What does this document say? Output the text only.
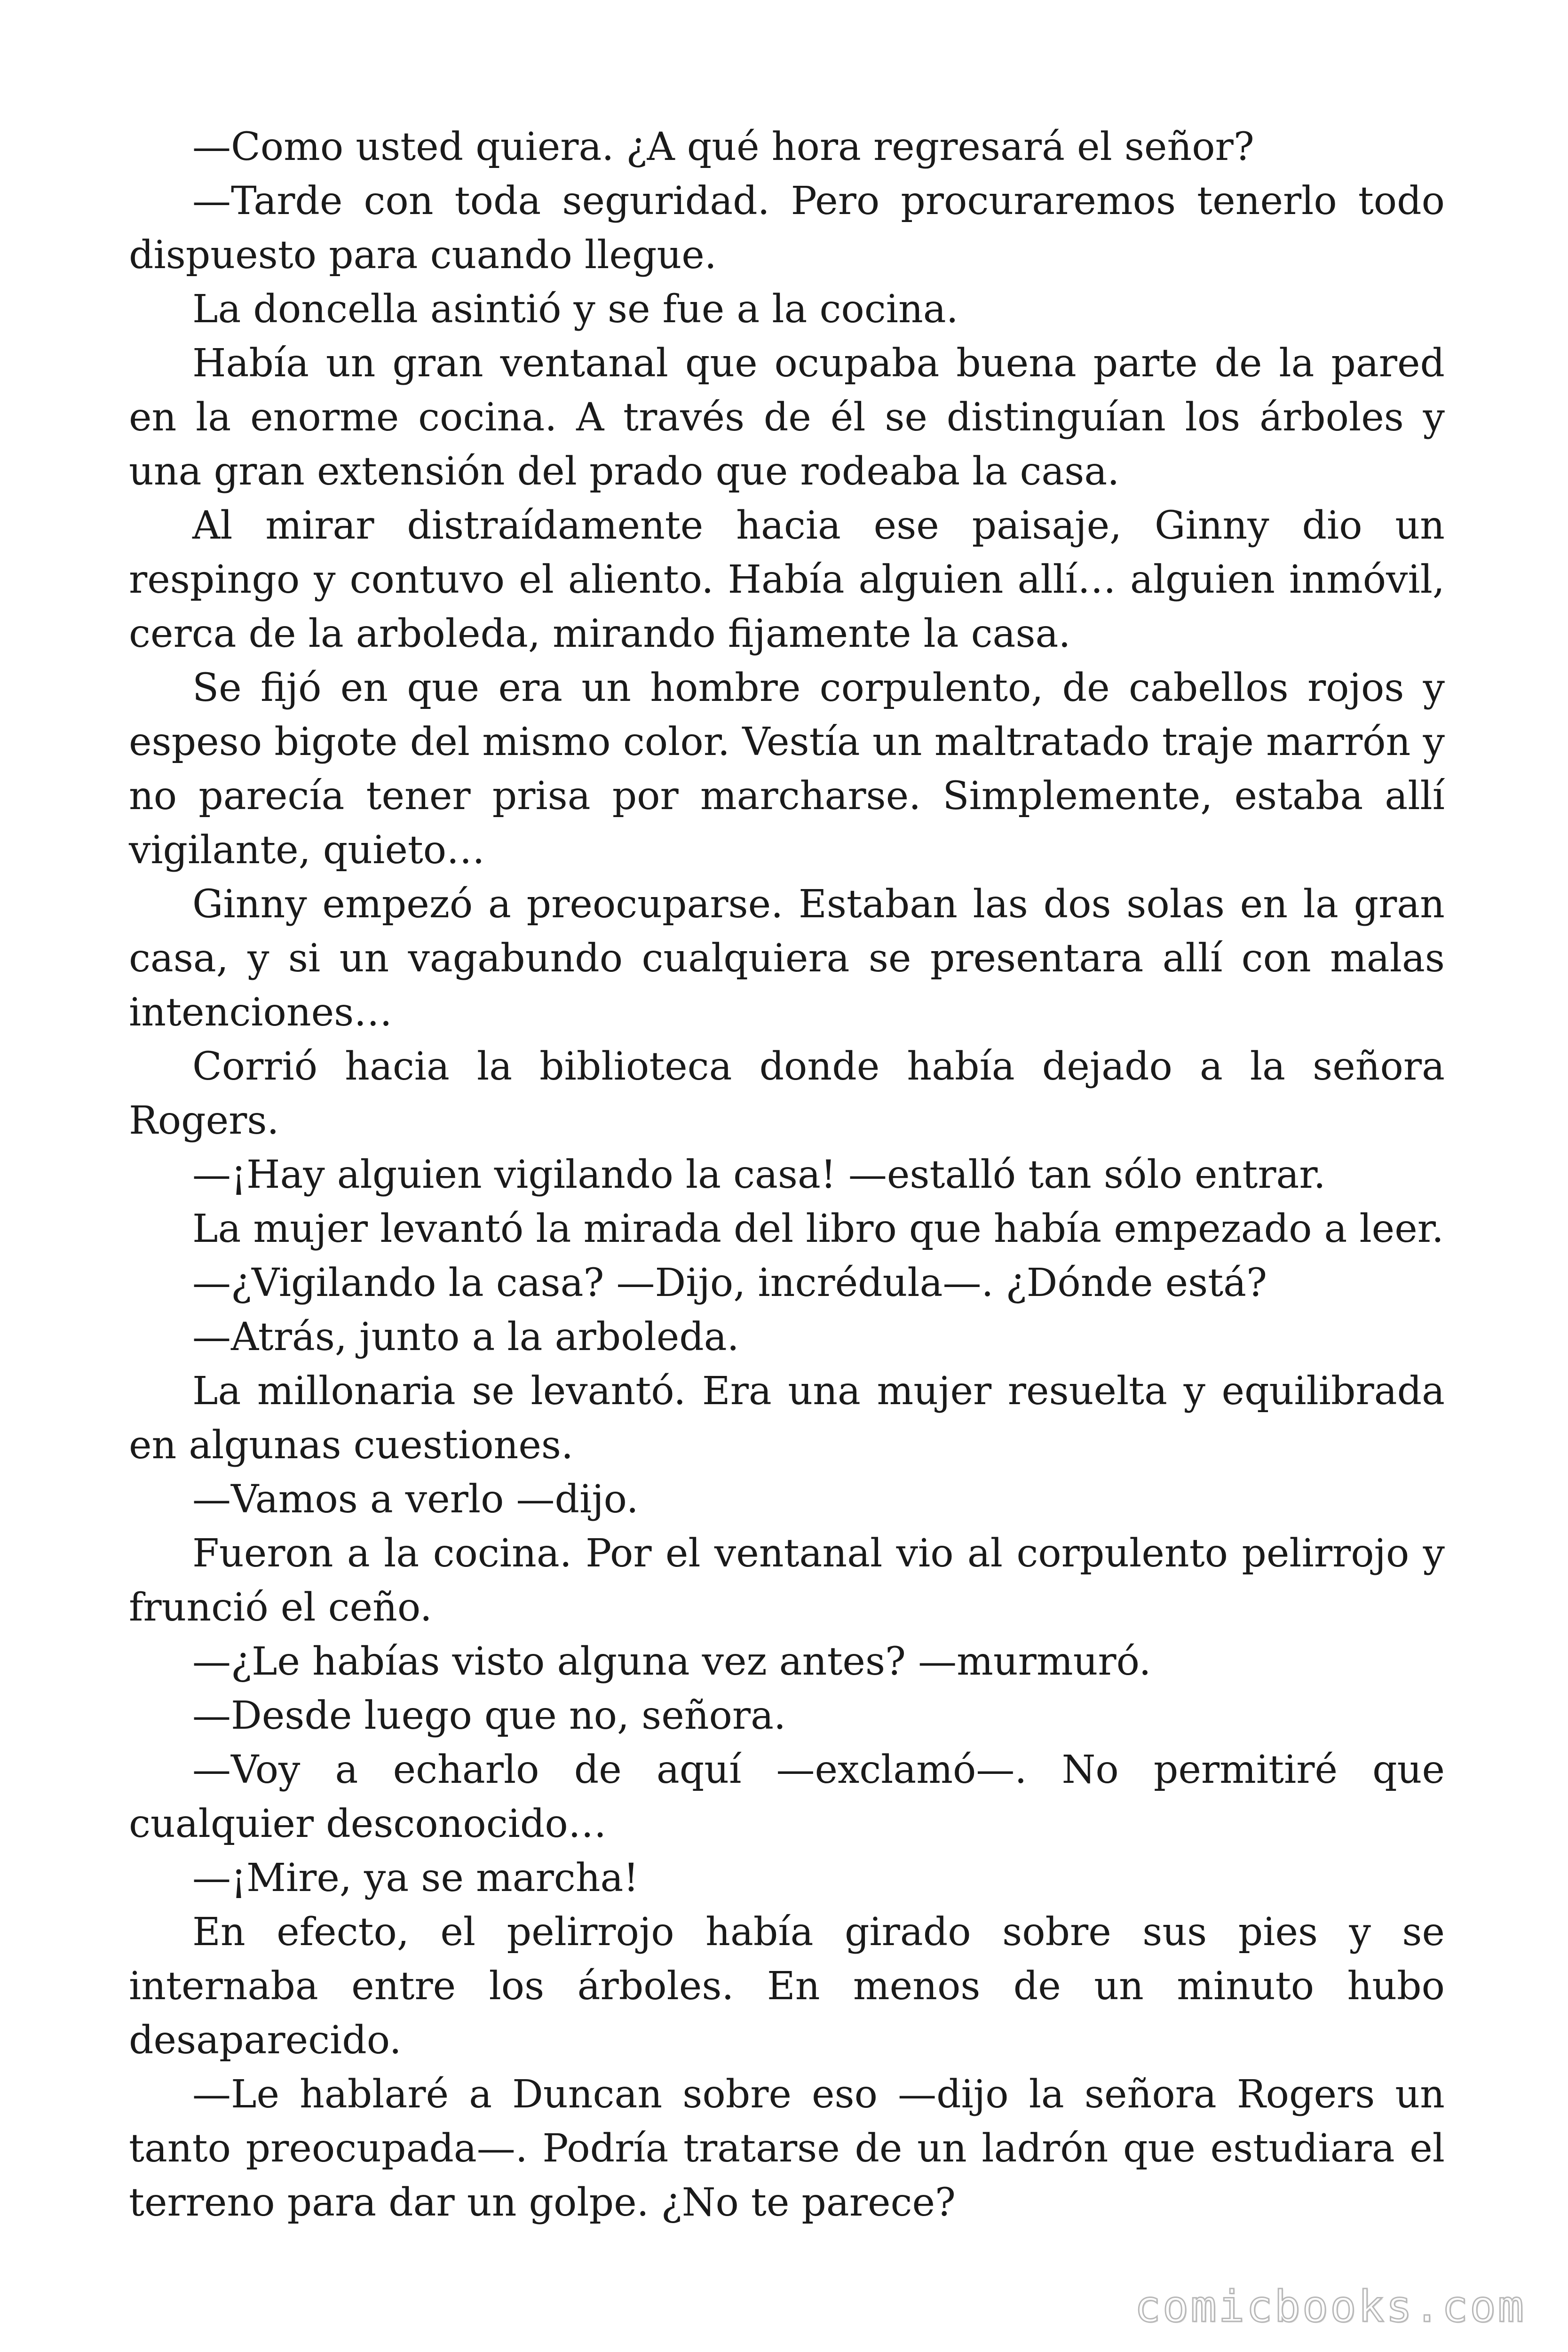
—Como usted quiera. ¿A qué hora regresará el señor?

—Tarde con toda seguridad. Pero procuraremos tenerlo todo dispuesto para cuando llegue.

La doncella asintió y se fue a la cocina.

Había un gran ventanal que ocupaba buena parte de la pared en la enorme cocina. A través de él se distinguían los árboles y una gran extensión del prado que rodeaba la casa.

Al mirar distraídamente hacia ese paisaje, Ginny dio un respingo y contuvo el aliento. Había alguien allí… alguien inmóvil, cerca de la arboleda, mirando fijamente la casa.

Se fijó en que era un hombre corpulento, de cabellos rojos y espeso bigote del mismo color. Vestía un maltratado traje marrón y no parecía tener prisa por marcharse. Simplemente, estaba allí vigilante, quieto…

Ginny empezó a preocuparse. Estaban las dos solas en la gran casa, y si un vagabundo cualquiera se presentara allí con malas intenciones…

Corrió hacia la biblioteca donde había dejado a la señora Rogers.

—¡Hay alguien vigilando la casa! —estalló tan sólo entrar.

La mujer levantó la mirada del libro que había empezado a leer.

—¿Vigilando la casa? —Dijo, incrédula—. ¿Dónde está?

—Atrás, junto a la arboleda.

La millonaria se levantó. Era una mujer resuelta y equilibrada en algunas cuestiones.

—Vamos a verlo —dijo.

Fueron a la cocina. Por el ventanal vio al corpulento pelirrojo y frunció el ceño.

—¿Le habías visto alguna vez antes? —murmuró.

—Desde luego que no, señora.

—Voy a echarlo de aquí —exclamó—. No permitiré que cualquier desconocido…

—¡Mire, ya se marcha!

En efecto, el pelirrojo había girado sobre sus pies y se internaba entre los árboles. En menos de un minuto hubo desaparecido.

—Le hablaré a Duncan sobre eso —dijo la señora Rogers un tanto preocupada—. Podría tratarse de un ladrón que estudiara el terreno para dar un golpe. ¿No te parece?

comicbooks.com
